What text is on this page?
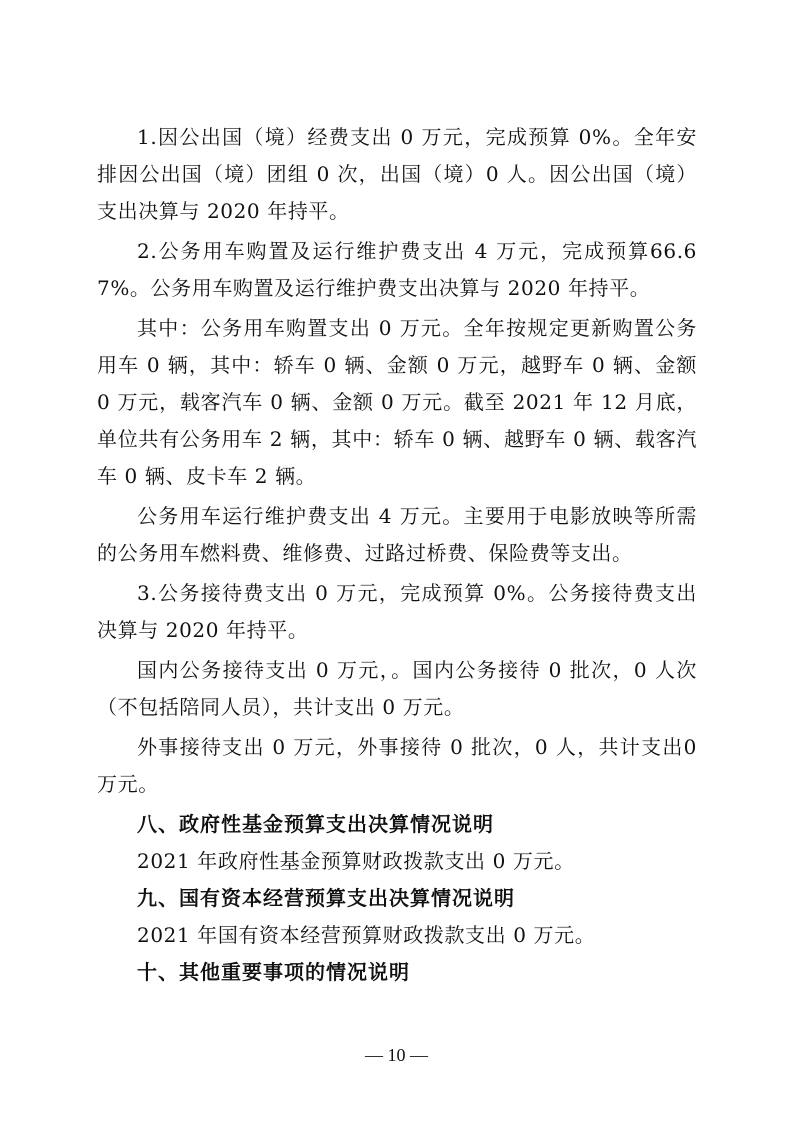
1.因公出国（境）经费支出 0 万元，完成预算 0%。全年安排因公出国（境）团组 0 次，出国（境）0 人。因公出国（境） 支出决算与 2020 年持平。

2.公务用车购置及运行维护费支出 4 万元，完成预算66.67%。公务用车购置及运行维护费支出决算与 2020 年持平。

其中：公务用车购置支出 0 万元。全年按规定更新购置公务用车 0 辆，其中：轿车 0 辆、金额 0 万元，越野车 0 辆、金额 0 万元，载客汽车 0 辆、金额 0 万元。截至 2021 年 12 月底，单位共有公务用车 2 辆，其中：轿车 0 辆、越野车 0 辆、载客汽车 0 辆、皮卡车 2 辆。

公务用车运行维护费支出 4 万元。主要用于电影放映等所需的公务用车燃料费、维修费、过路过桥费、保险费等支出。

3.公务接待费支出 0 万元，完成预算 0%。公务接待费支出决算与 2020 年持平。

国内公务接待支出 0 万元，。国内公务接待 0 批次，0 人次（不包括陪同人员），共计支出 0 万元。

外事接待支出 0 万元，外事接待 0 批次，0 人，共计支出0万元。

八、政府性基金预算支出决算情况说明

2021 年政府性基金预算财政拨款支出 0 万元。

九、国有资本经营预算支出决算情况说明

2021 年国有资本经营预算财政拨款支出 0 万元。

十、其他重要事项的情况说明

— 10 —
